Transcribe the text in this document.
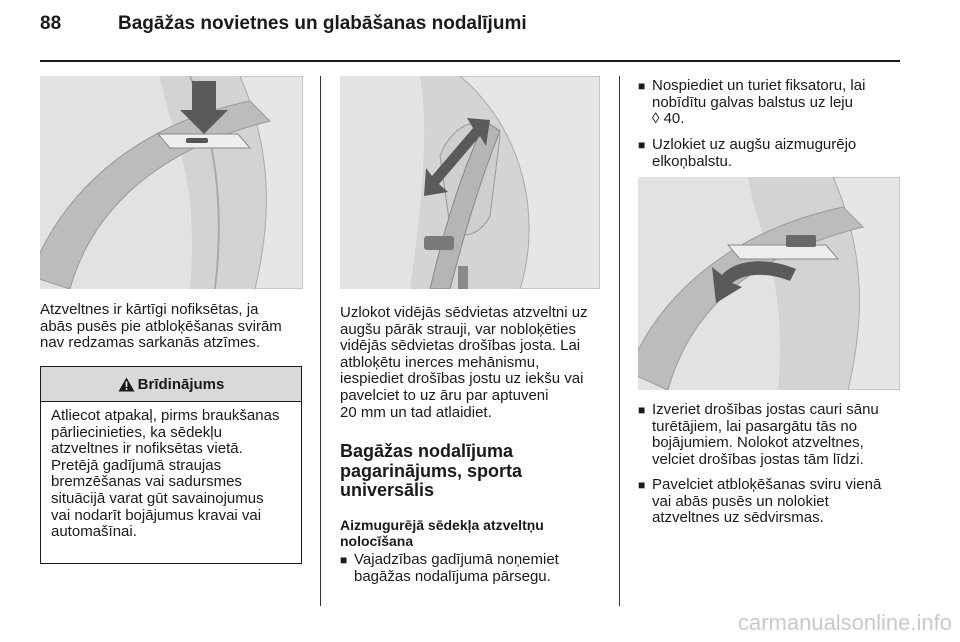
88	Bagāžas novietnes un glabāšanas nodalījumi

Atzveltnes ir kārtīgi nofiksētas, ja
abās pusēs pie atbloķēšanas svirām
nav redzamas sarkanās atzīmes.

Brīdinājums
Atliecot atpakaļ, pirms braukšanas
pārliecinieties, ka sēdekļu
atzveltnes ir nofiksētas vietā.
Pretējā gadījumā straujas
bremzēšanas vai sadursmes
situācijā varat gūt savainojumus
vai nodarīt bojājumus kravai vai
automašīnai.

Uzlokot vidējās sēdvietas atzveltni uz
augšu pārāk strauji, var nobloķēties
vidējās sēdvietas drošības josta. Lai
atbloķētu inerces mehānismu,
iespiediet drošības jostu uz iekšu vai
pavelciet to uz āru par aptuveni
20 mm un tad atlaidiet.

Bagāžas nodalījuma
pagarinājums, sporta
universālis
Aizmugurējā sēdekļa atzveltņu
nolocīšana
■ Vajadzības gadījumā noņemiet
bagāžas nodalījuma pārsegu.
■ Nospiediet un turiet fiksatoru, lai
nobīdītu galvas balstus uz leju
◊ 40.
■ Uzlokiet uz augšu aizmugurējo
elkoņbalstu.
■ Izveriet drošības jostas cauri sānu
turētājiem, lai pasargātu tās no
bojājumiem. Nolokot atzveltnes,
velciet drošības jostas tām līdzi.
■ Pavelciet atbloķēšanas sviru vienā
vai abās pusēs un nolokiet
atzveltnes uz sēdvirsmas.
carmanualsonline.info
